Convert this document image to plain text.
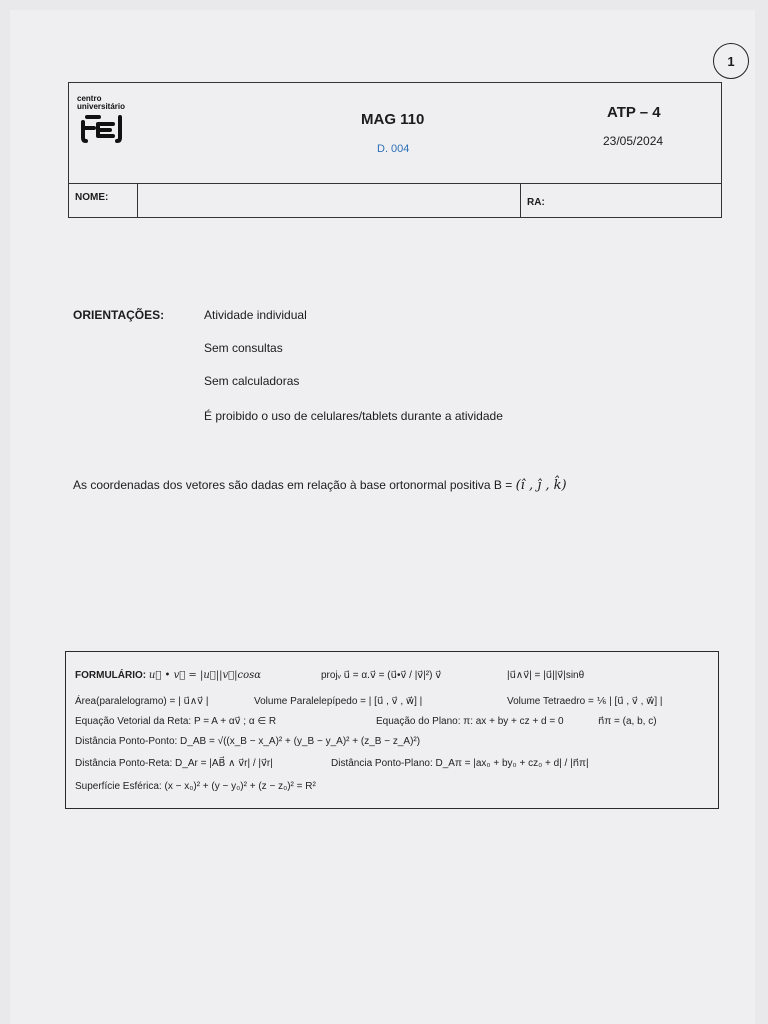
1
centro
universitário
MAG 110
D. 004
ATP – 4
23/05/2024
NOME:	RA:
ORIENTAÇÕES:	Atividade individual
Sem consultas
Sem calculadoras
É proibido o uso de celulares/tablets durante a atividade
As coordenadas dos vetores são dadas em relação à base ortonormal positiva B = (ı̂ , ȷ̂ , k̂)
FORMULÁRIO: u⃗ • v⃗ = |u⃗||v⃗|cosα	projᵥ u⃗ = α.v⃗ = (u⃗•v⃗ / |v⃗|²) v⃗	|u⃗∧v⃗| = |u⃗||v⃗|sinθ
Área(paralelogramo) = | u⃗∧v⃗ |	Volume Paralelepípedo = | [u⃗ , v⃗ , w⃗] |	Volume Tetraedro = ⅙ | [u⃗ , v⃗ , w⃗] |
Equação Vetorial da Reta: P = A + αv⃗ ; α ∈ R	Equação do Plano: π: ax + by + cz + d = 0	n⃗π = (a, b, c)
Distância Ponto-Ponto: D_AB = √((x_B − x_A)² + (y_B − y_A)² + (z_B − z_A)²)
Distância Ponto-Reta: D_Ar = |AB⃗ ∧ v⃗r| / |v⃗r|	Distância Ponto-Plano: D_Aπ = |ax₀ + by₀ + cz₀ + d| / |n⃗π|
Superfície Esférica: (x − x₀)² + (y − y₀)² + (z − z₀)² = R²
